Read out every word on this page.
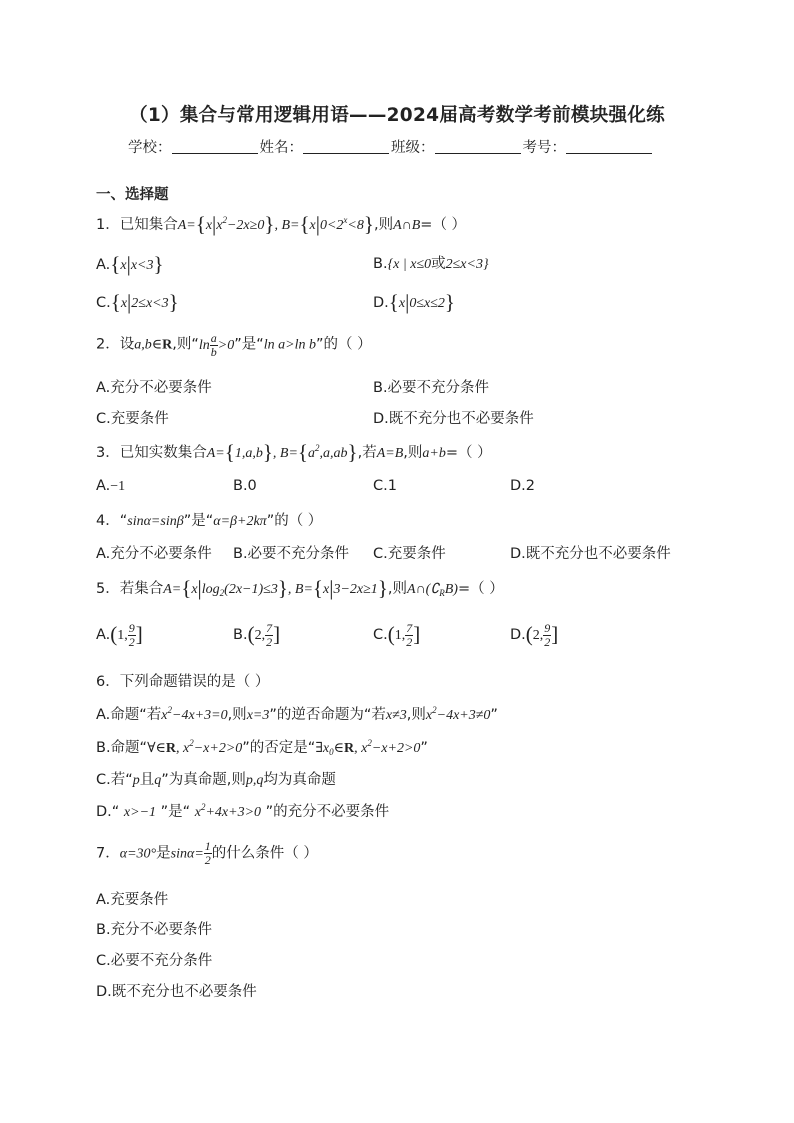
（1）集合与常用逻辑用语——2024届高考数学考前模块强化练
学校：	姓名：	班级：	考号：
一、选择题
1．已知集合$A=\{x|x^2-2x\ge 0\}$, $B=\{x|0<2^x<8\}$,则A∩B=（ ）
A.{x|x<3}	B.{x | x≤0或2≤x<3}
C.{x|2≤x<3}	D.{x|0≤x≤2}
2．设a,b∈R,则“$\ln \frac{a}{b} >0$”是“ln a>ln b”的（ ）
A.充分不必要条件	B.必要不充分条件
C.充要条件	D.既不充分也不必要条件
3．已知实数集合A={1,a,b}, $B=\{a^2,a,ab\}$,若A=B,则a+b=（ ）
A.−1	B.0	C.1	D.2
4．“sinα=sinβ”是“α=β+2kπ”的（ ）
A.充分不必要条件 B.必要不充分条件 C.充要条件	D.既不充分也不必要条件
5．若集合$A=\{x|\log_2(2x-1)\le 3\}$, B={x|3−2x≥1},则$A\cap(∁_RB)=$（ ）
A.(1, $\frac{9}{2}$ ]	B.(2, $\frac{7}{2}$ ]	C.(1, $\frac{7}{2}$ ]	D.(2, $\frac{9}{2}$ ]
6．下列命题错误的是（ ）
A.命题“若$x^2-4x+3=0$,则x=3”的逆否命题为“若x≠3,则$x^2-4x+3\ne 0$”
B.命题“∀∈R, $x^2-x+2>0$”的否定是“$\exists x_0\in R$, $x^2-x+2>0$”
C.若“p且q”为真命题,则p,q均为真命题
D.“ x>−1 ”是“ $x^2+4x+3>0$ ”的充分不必要条件
7．α=30°是$\sin\alpha= \frac{1}{2}$ 的什么条件（ ）
A.充要条件
B.充分不必要条件
C.必要不充分条件
D.既不充分也不必要条件
